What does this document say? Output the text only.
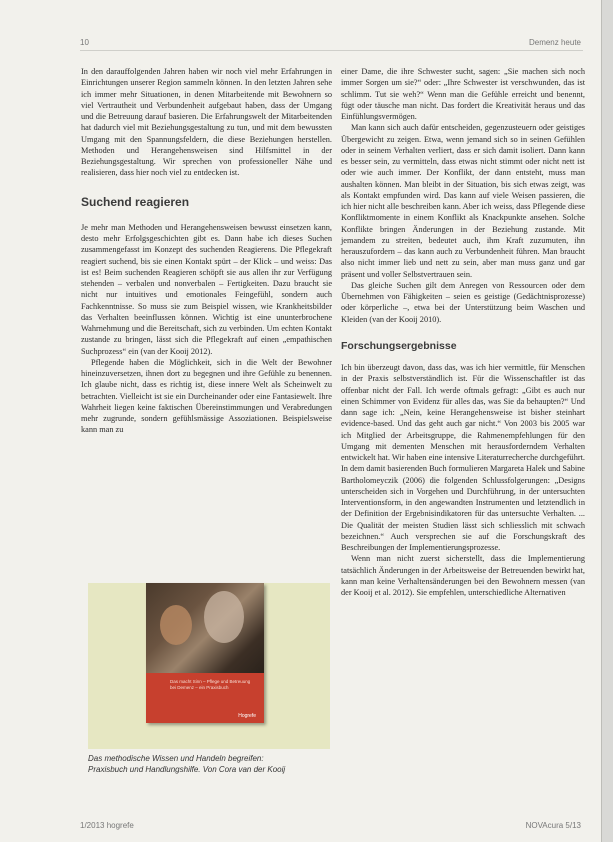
10	Demenz heute

In den darauffolgenden Jahren haben wir noch viel mehr Erfahrungen in Einrichtungen unserer Region sammeln können. In den letzten Jahren sehe ich immer mehr Situationen, in denen Mitarbeitende mit Bewohnern so viel Vertrautheit und Verbundenheit aufgebaut haben, dass der Umgang und die Betreuung darauf basieren. Die Erfahrungswelt der Mitarbeitenden hat dadurch viel mit Beziehungsgestaltung zu tun, und mit dem bewussten Umgang mit den Spannungsfeldern, die diese Beziehungen herstellen. Methoden und Herangehensweisen sind Hilfsmittel in der Beziehungsgestaltung. Wir sprechen von professioneller Nähe und realisieren, dass hier noch viel zu entdecken ist.

Suchend reagieren

Je mehr man Methoden und Herangehensweisen bewusst einsetzen kann, desto mehr Erfolgsgeschichten gibt es. Dann habe ich dieses Suchen zusammengefasst im Konzept des suchenden Reagierens. Die Pflegekraft reagiert suchend, bis sie einen Kontakt spürt – der Klick – und weiss: Das ist es! Beim suchenden Reagieren schöpft sie aus allen ihr zur Verfügung stehenden – verbalen und nonverbalen – Fertigkeiten. Dazu braucht sie nicht nur intuitives und emotionales Feingefühl, sondern auch Fachkenntnisse. So muss sie zum Beispiel wissen, wie Krankheitsbilder das Verhalten beeinflussen können. Wichtig ist eine ununterbrochene Wahrnehmung und die Bereitschaft, sich zu verbinden. Um echten Kontakt zustande zu bringen, lässt sich die Pflegekraft auf einen „empathischen Suchprozess“ ein (van der Kooij 2012).

Pflegende haben die Möglichkeit, sich in die Welt der Bewohner hineinzuversetzen, ihnen dort zu begegnen und ihre Gefühle zu benennen. Ich glaube nicht, dass es richtig ist, diese innere Welt als Scheinwelt zu betrachten. Vielleicht ist sie ein Durcheinander oder eine Fantasiewelt. Ihre Wahrheit liegen keine faktischen Übereinstimmungen und Verabredungen mehr zugrunde, sondern gefühlsmässige Assoziationen. Beispielsweise kann man zu

Das macht Sinn – Pflege und Betreuung bei Demenz – ein Praxisbuch
Hogrefe
Das methodische Wissen und Handeln begreifen:
Praxisbuch und Handlungshilfe. Von Cora van der Kooij

einer Dame, die ihre Schwester sucht, sagen: „Sie machen sich noch immer Sorgen um sie?“ oder: „Ihre Schwester ist verschwunden, das ist schlimm. Tut sie weh?“ Wenn man die Gefühle erreicht und benennt, fügt oder täusche man nicht. Das fordert die Kreativität heraus und das Einfühlungsvermögen.

Man kann sich auch dafür entscheiden, gegenzusteuern oder geistiges Übergewicht zu zeigen. Etwa, wenn jemand sich so in seinen Gefühlen oder in seinem Verhalten verliert, dass er sich damit isoliert. Dann kann es besser sein, zu vermitteln, dass etwas nicht stimmt oder nicht nett ist oder wie auch immer. Der Konflikt, der dann entsteht, muss man aushalten können. Man bleibt in der Situation, bis sich etwas zeigt, was als Kontakt empfunden wird. Das kann auf viele Weisen passieren, die ich hier nicht alle beschreiben kann. Aber ich weiss, dass Pflegende diese Konfliktmomente in einem Konflikt als Knackpunkte ansehen. Solche Konflikte bringen Änderungen in der Beziehung zustande. Mit jemandem zu streiten, bedeutet auch, ihm Kraft zuzumuten, ihn herauszufordern – das kann auch zu Verbundenheit führen. Man braucht also nicht immer lieb und nett zu sein, aber man muss ganz und gar präsent und voller Selbstvertrauen sein.

Das gleiche Suchen gilt dem Anregen von Ressourcen oder dem Übernehmen von Fähigkeiten – seien es geistige (Gedächtnisprozesse) oder körperliche –, etwa bei der Unterstützung beim Waschen und Kleiden (van der Kooij 2010).

Forschungsergebnisse

Ich bin überzeugt davon, dass das, was ich hier vermittle, für Menschen in der Praxis selbstverständlich ist. Für die Wissenschaftler ist das offenbar nicht der Fall. Ich werde oftmals gefragt: „Gibt es auch nur einen Schimmer von Evidenz für alles das, was Sie da behaupten?“ Und dann sage ich: „Nein, keine Herangehensweise ist bisher steinhart evidence-based. Und das geht auch gar nicht.“ Von 2003 bis 2005 war ich Mitglied der Arbeitsgruppe, die Rahmenempfehlungen für den Umgang mit dementen Menschen mit herausforderndem Verhalten entwickelt hat. Wir haben eine intensive Literaturrecherche durchgeführt. In dem damit basierenden Buch formulieren Margareta Halek und Sabine Bartholomeyczik (2006) die folgenden Schlussfolgerungen: „Designs unterscheiden sich in Vorgehen und Durchführung, in der untersuchten Interventionsform, in den angewandten Instrumenten und letztendlich in der Definition der Ergebnisindikatoren für das untersuchte Verhalten. ... Die Qualität der meisten Studien lässt sich schliesslich mit schwach bezeichnen.“ Auch versprechen sie auf die Forschungskraft des Beschreibungen der Implementierungsprozesse.

Wenn man nicht zuerst sicherstellt, dass die Implementierung tatsächlich Änderungen in der Arbeitsweise der Betreuenden bewirkt hat, kann man keine Verhaltensänderungen bei den Bewohnern messen (van der Kooij et al. 2012). Sie empfehlen, unterschiedliche Alternativen

1/2013 hogrefe	NOVAcura 5/13
